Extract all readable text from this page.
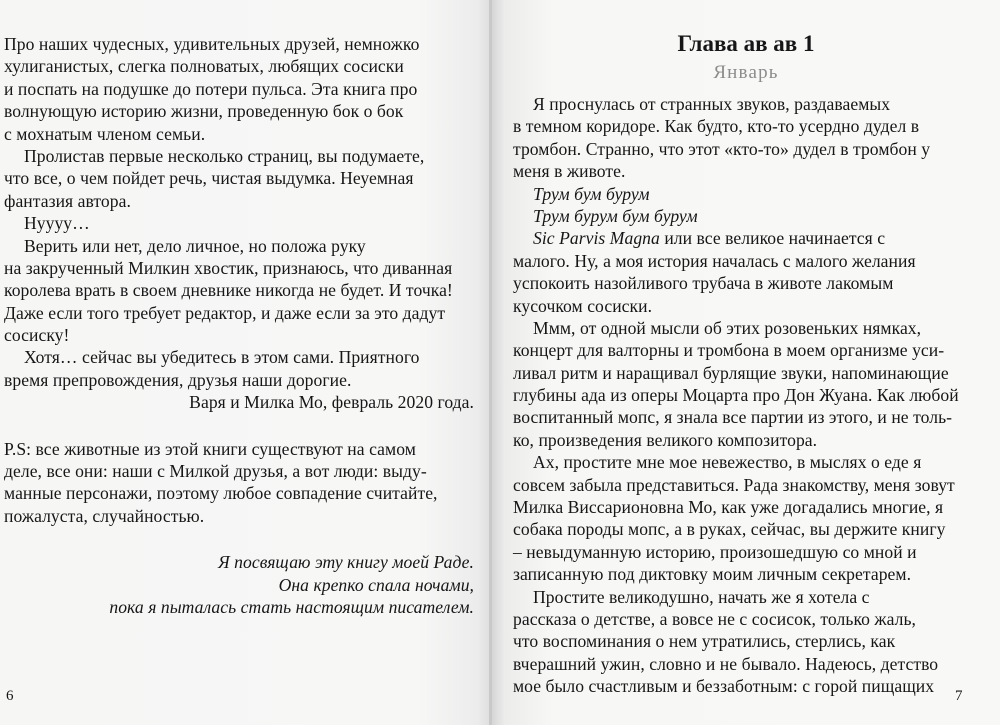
Про наших чудесных, удивительных друзей, немножко
хулиганистых, слегка полноватых, любящих сосиски
и поспать на подушке до потери пульса. Эта книга про
волнующую историю жизни, проведенную бок о бок
с мохнатым членом семьи.
Пролистав первые несколько страниц, вы подумаете,
что все, о чем пойдет речь, чистая выдумка. Неуемная
фантазия автора.
Нуууу…
Верить или нет, дело личное, но положа руку
на закрученный Милкин хвостик, признаюсь, что диванная
королева врать в своем дневнике никогда не будет. И точка!
Даже если того требует редактор, и даже если за это дадут
сосиску!
Хотя… сейчас вы убедитесь в этом сами. Приятного
время препровождения, друзья наши дорогие.
Варя и Милка Мо, февраль 2020 года.
P.S: все животные из этой книги существуют на самом
деле, все они: наши с Милкой друзья, а вот люди: выду-
манные персонажи, поэтому любое совпадение считайте,
пожалуста, случайностью.
Я посвящаю эту книгу моей Раде.
Она крепко спала ночами,
пока я пыталась стать настоящим писателем.
6
Глава ав ав 1
Январь
Я проснулась от странных звуков, раздаваемых
в темном коридоре. Как будто, кто-то усердно дудел в
тромбон. Странно, что этот «кто-то» дудел в тромбон у
меня в животе.
Трум бум бурум
Трум бурум бум бурум
Sic Parvis Magna или все великое начинается с
малого. Ну, а моя история началась с малого желания
успокоить назойливого трубача в животе лакомым
кусочком сосиски.
Ммм, от одной мысли об этих розовеньких нямках,
концерт для валторны и тромбона в моем организме уси-
ливал ритм и наращивал бурлящие звуки, напоминающие
глубины ада из оперы Моцарта про Дон Жуана. Как любой
воспитанный мопс, я знала все партии из этого, и не толь-
ко, произведения великого композитора.
Ах, простите мне мое невежество, в мыслях о еде я
совсем забыла представиться. Рада знакомству, меня зовут
Милка Виссарионовна Мо, как уже догадались многие, я
собака породы мопс, а в руках, сейчас, вы держите книгу
– невыдуманную историю, произошедшую со мной и
записанную под диктовку моим личным секретарем.
Простите великодушно, начать же я хотела с
рассказа о детстве, а вовсе не с сосисок, только жаль,
что воспоминания о нем утратились, стерлись, как
вчерашний ужин, словно и не бывало. Надеюсь, детство
мое было счастливым и беззаботным: с горой пищащих	7
